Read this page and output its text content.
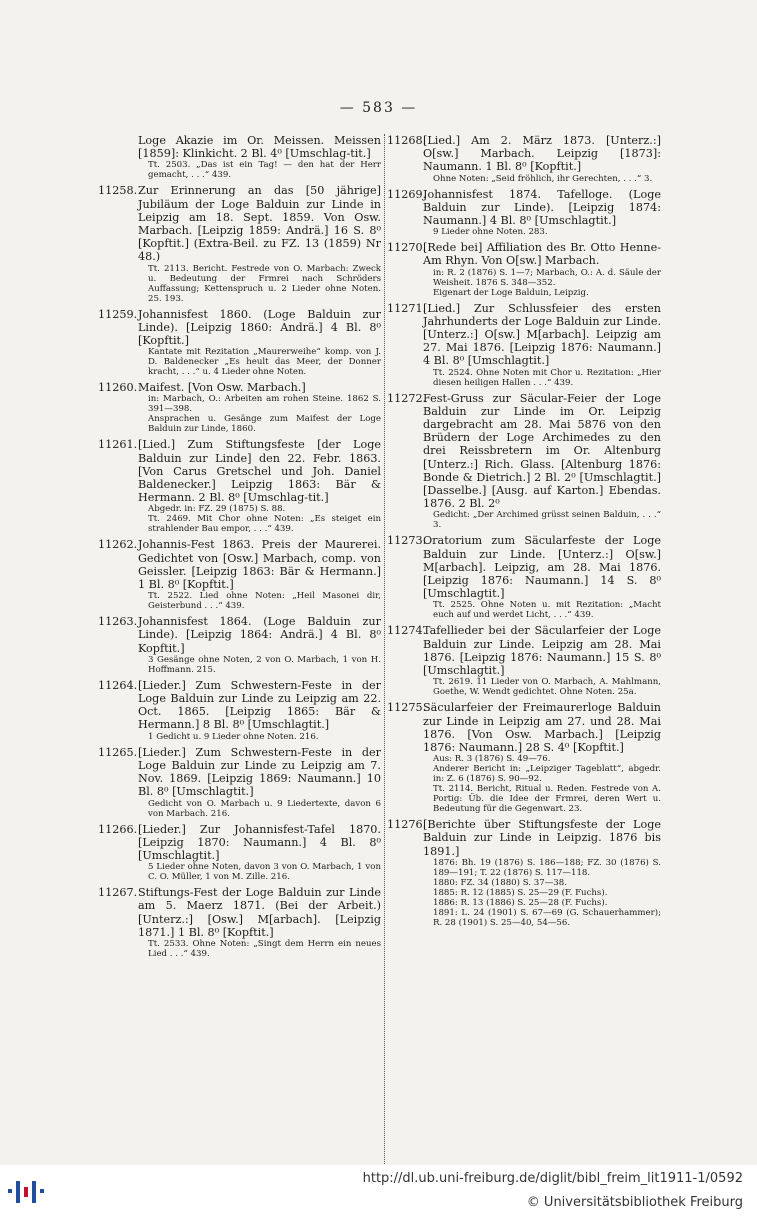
— 583 —
Loge Akazie im Or. Meissen. Meissen [1859]: Klinkicht. 2 Bl. 4⁰ [Umschlag-tit.]
Tt. 2503. „Das ist ein Tag! — den hat der Herr gemacht, . . .“ 439.
11258. Zur Erinnerung an das [50 jährige] Jubiläum der Loge Balduin zur Linde in Leipzig am 18. Sept. 1859. Von Osw. Marbach. [Leipzig 1859: Andrä.] 16 S. 8⁰ [Kopftit.] (Extra-Beil. zu FZ. 13 (1859) Nr 48.)
Tt. 2113. Bericht. Festrede von O. Marbach: Zweck u. Bedeutung der Frmrei nach Schröders Auffassung; Kettenspruch u. 2 Lieder ohne Noten. 25. 193.
11259. Johannisfest 1860. (Loge Balduin zur Linde). [Leipzig 1860: Andrä.] 4 Bl. 8⁰ [Kopftit.]
Kantate mit Rezitation „Maurerweihe“ komp. von J. D. Baldenecker „Es heult das Meer, der Donner kracht, . . .“ u. 4 Lieder ohne Noten.
11260. Maifest. [Von Osw. Marbach.]
in: Marbach, O.: Arbeiten am rohen Steine. 1862 S. 391—398.
Ansprachen u. Gesänge zum Maifest der Loge Balduin zur Linde, 1860.
11261. [Lied.] Zum Stiftungsfeste [der Loge Balduin zur Linde] den 22. Febr. 1863. [Von Carus Gretschel und Joh. Daniel Baldenecker.] Leipzig 1863: Bär & Hermann. 2 Bl. 8⁰ [Umschlag-tit.]
Abgedr. in: FZ. 29 (1875) S. 88.
Tt. 2469. Mit Chor ohne Noten: „Es steiget ein strahlender Bau empor, . . .“ 439.
11262. Johannis-Fest 1863. Preis der Maurerei. Gedichtet von [Osw.] Marbach, comp. von Geissler. [Leipzig 1863: Bär & Hermann.] 1 Bl. 8⁰ [Kopftit.]
Tt. 2522. Lied ohne Noten: „Heil Masonei dir, Geisterbund . . .“ 439.
11263. Johannisfest 1864. (Loge Balduin zur Linde). [Leipzig 1864: Andrä.] 4 Bl. 8⁰ Kopftit.]
3 Gesänge ohne Noten, 2 von O. Marbach, 1 von H. Hoffmann. 215.
11264. [Lieder.] Zum Schwestern-Feste in der Loge Balduin zur Linde zu Leipzig am 22. Oct. 1865. [Leipzig 1865: Bär & Hermann.] 8 Bl. 8⁰ [Umschlagtit.]
1 Gedicht u. 9 Lieder ohne Noten. 216.
11265. [Lieder.] Zum Schwestern-Feste in der Loge Balduin zur Linde zu Leipzig am 7. Nov. 1869. [Leipzig 1869: Naumann.] 10 Bl. 8⁰ [Umschlagtit.]
Gedicht von O. Marbach u. 9 Liedertexte, davon 6 von Marbach. 216.
11266. [Lieder.] Zur Johannisfest-Tafel 1870. [Leipzig 1870: Naumann.] 4 Bl. 8⁰ [Umschlagtit.]
5 Lieder ohne Noten, davon 3 von O. Marbach, 1 von C. O. Müller, 1 von M. Zille. 216.
11267. Stiftungs-Fest der Loge Balduin zur Linde am 5. Maerz 1871. (Bei der Arbeit.) [Unterz.:] [Osw.] M[arbach]. [Leipzig 1871.] 1 Bl. 8⁰ [Kopftit.]
Tt. 2533. Ohne Noten: „Singt dem Herrn ein neues Lied . . .“ 439.
11268.
[Lied.] Am 2. März 1873. [Unterz.:] O[sw.] Marbach. Leipzig [1873]: Naumann. 1 Bl. 8⁰ [Kopftit.]
Ohne Noten: „Seid fröhlich, ihr Gerechten, . . .“ 3.
11269.
Johannisfest 1874. Tafelloge. (Loge Balduin zur Linde). [Leipzig 1874: Naumann.] 4 Bl. 8⁰ [Umschlagtit.]
9 Lieder ohne Noten. 283.
11270.
[Rede bei] Affiliation des Br. Otto Henne-Am Rhyn. Von O[sw.] Marbach.
in: R. 2 (1876) S. 1—7; Marbach, O.: A. d. Säule der Weisheit. 1876 S. 348—352.
Eigenart der Loge Balduin, Leipzig.
11271.
[Lied.] Zur Schlussfeier des ersten Jahrhunderts der Loge Balduin zur Linde. [Unterz.:] O[sw.] M[arbach]. Leipzig am 27. Mai 1876. [Leipzig 1876: Naumann.] 4 Bl. 8⁰ [Umschlagtit.]
Tt. 2524. Ohne Noten mit Chor u. Rezitation: „Hier diesen heiligen Hallen . . .“ 439.
11272.
Fest-Gruss zur Säcular-Feier der Loge Balduin zur Linde im Or. Leipzig dargebracht am 28. Mai 5876 von den Brüdern der Loge Archimedes zu den drei Reissbretern im Or. Altenburg [Unterz.:] Rich. Glass. [Altenburg 1876: Bonde & Dietrich.] 2 Bl. 2⁰ [Umschlagtit.] [Dasselbe.] [Ausg. auf Karton.] Ebendas. 1876. 2 Bl. 2⁰
Gedicht: „Der Archimed grüsst seinen Balduin, . . .“ 3.
11273.
Oratorium zum Säcularfeste der Loge Balduin zur Linde. [Unterz.:] O[sw.] M[arbach]. Leipzig, am 28. Mai 1876. [Leipzig 1876: Naumann.] 14 S. 8⁰ [Umschlagtit.]
Tt. 2525. Ohne Noten u. mit Rezitation: „Macht euch auf und werdet Licht, . . .“ 439.
11274.
Tafellieder bei der Säcularfeier der Loge Balduin zur Linde. Leipzig am 28. Mai 1876. [Leipzig 1876: Naumann.] 15 S. 8⁰ [Umschlagtit.]
Tt. 2619. 11 Lieder von O. Marbach, A. Mahlmann, Goethe, W. Wendt gedichtet. Ohne Noten. 25a.
11275.
Säcularfeier der Freimaurerloge Balduin zur Linde in Leipzig am 27. und 28. Mai 1876. [Von Osw. Marbach.] [Leipzig 1876: Naumann.] 28 S. 4⁰ [Kopftit.]
Aus: R. 3 (1876) S. 49—76.
Anderer Bericht in: „Leipziger Tageblatt“, abgedr. in: Z. 6 (1876) S. 90—92.
Tt. 2114. Bericht, Ritual u. Reden. Festrede von A. Portig: Üb. die Idee der Frmrei, deren Wert u. Bedeutung für die Gegenwart. 23.
11276.
[Berichte über Stiftungsfeste der Loge Balduin zur Linde in Leipzig. 1876 bis 1891.]
1876: Bh. 19 (1876) S. 186—188; FZ. 30 (1876) S. 189—191; T. 22 (1876) S. 117—118.
1880: FZ. 34 (1880) S. 37—38.
1885: R. 12 (1885) S. 25—29 (F. Fuchs).
1886: R. 13 (1886) S. 25—28 (F. Fuchs).
1891: L. 24 (1901) S. 67—69 (G. Schauerhammer); R. 28 (1901) S. 25—40, 54—56.
http://dl.ub.uni-freiburg.de/diglit/bibl_freim_lit1911-1/0592
© Universitätsbibliothek Freiburg
